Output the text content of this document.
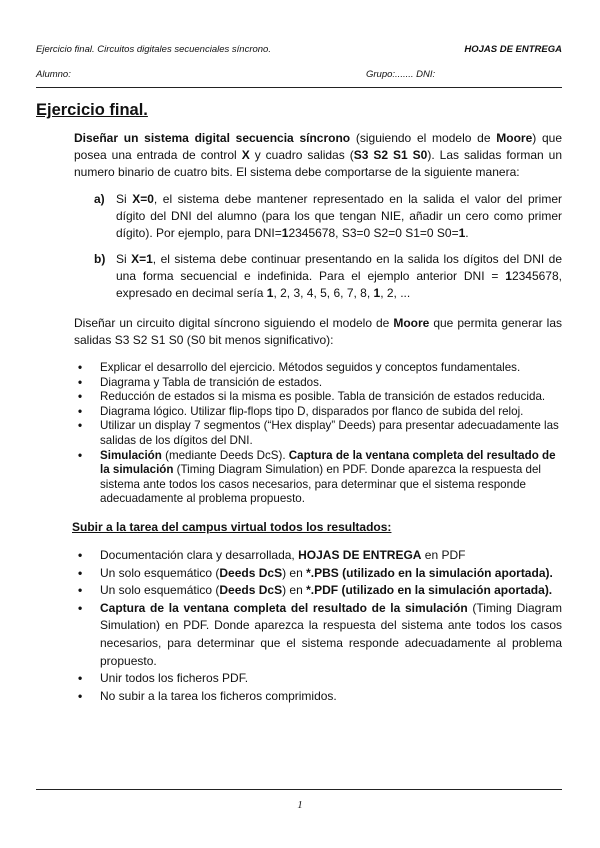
Ejercicio final. Circuitos digitales secuenciales síncrono.	HOJAS DE ENTREGA
Alumno:	Grupo:....... DNI:
Ejercicio final.

Diseñar un sistema digital secuencia síncrono (siguiendo el modelo de Moore) que posea una entrada de control X y cuadro salidas (S3 S2 S1 S0). Las salidas forman un numero binario de cuatro bits. El sistema debe comportarse de la siguiente manera:

a) Si X=0, el sistema debe mantener representado en la salida el valor del primer dígito del DNI del alumno (para los que tengan NIE, añadir un cero como primer dígito). Por ejemplo, para DNI=12345678, S3=0 S2=0 S1=0 S0=1.
b) Si X=1, el sistema debe continuar presentando en la salida los dígitos del DNI de una forma secuencial e indefinida. Para el ejemplo anterior DNI = 12345678, expresado en decimal sería 1, 2, 3, 4, 5, 6, 7, 8, 1, 2, ...

Diseñar un circuito digital síncrono siguiendo el modelo de Moore que permita generar las salidas S3 S2 S1 S0 (S0 bit menos significativo):

• Explicar el desarrollo del ejercicio. Métodos seguidos y conceptos fundamentales.
• Diagrama y Tabla de transición de estados.
• Reducción de estados si la misma es posible. Tabla de transición de estados reducida.
• Diagrama lógico. Utilizar flip-flops tipo D, disparados por flanco de subida del reloj.
• Utilizar un display 7 segmentos (“Hex display” Deeds) para presentar adecuadamente las salidas de los dígitos del DNI.
• Simulación (mediante Deeds DcS). Captura de la ventana completa del resultado de la simulación (Timing Diagram Simulation) en PDF. Donde aparezca la respuesta del sistema ante todos los casos necesarios, para determinar que el sistema responde adecuadamente al problema propuesto.

Subir a la tarea del campus virtual todos los resultados:

• Documentación clara y desarrollada, HOJAS DE ENTREGA en PDF
• Un solo esquemático (Deeds DcS) en *.PBS (utilizado en la simulación aportada).
• Un solo esquemático (Deeds DcS) en *.PDF (utilizado en la simulación aportada).
• Captura de la ventana completa del resultado de la simulación (Timing Diagram Simulation) en PDF. Donde aparezca la respuesta del sistema ante todos los casos necesarios, para determinar que el sistema responde adecuadamente al problema propuesto.
• Unir todos los ficheros PDF.
• No subir a la tarea los ficheros comprimidos.
1
